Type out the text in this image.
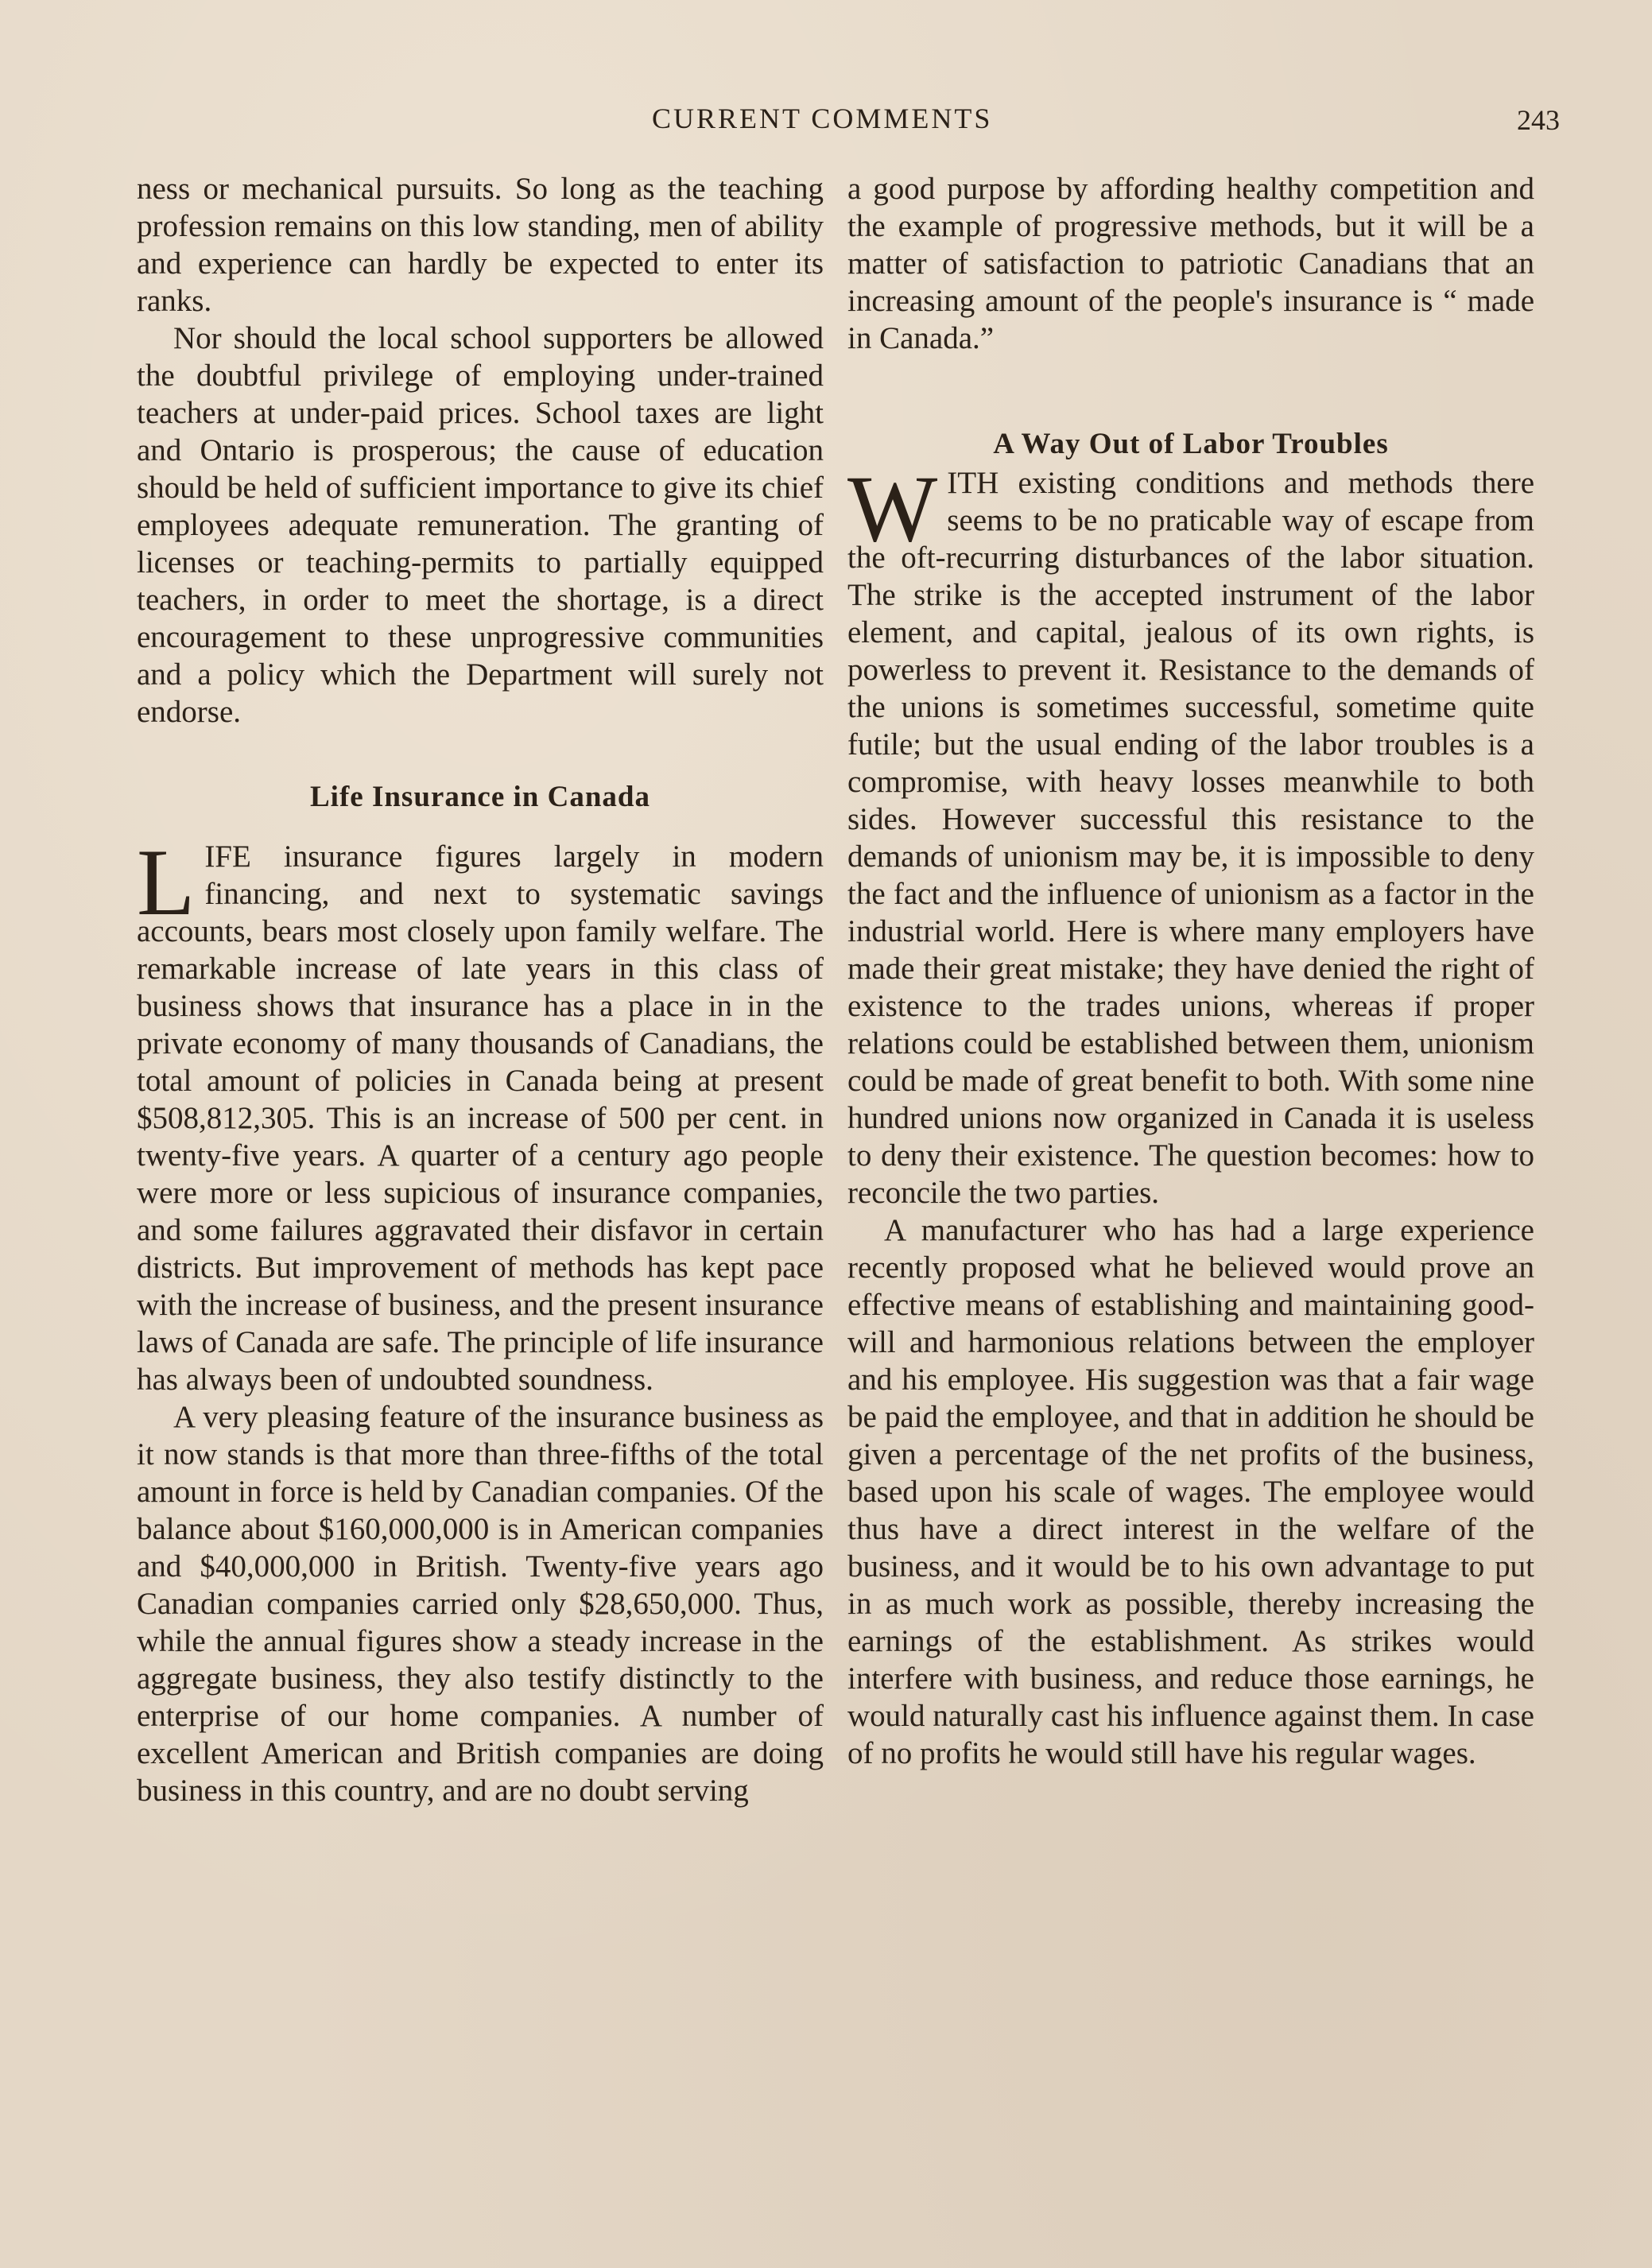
CURRENT COMMENTS	243

ness or mechanical pursuits. So long as the teaching profession remains on this low standing, men of ability and experience can hardly be expected to enter its ranks.

Nor should the local school supporters be allowed the doubtful privilege of employing under-trained teachers at under-paid prices. School taxes are light and Ontario is prosperous; the cause of education should be held of sufficient importance to give its chief employees adequate remuneration. The granting of licenses or teaching-permits to partially equipped teachers, in order to meet the shortage, is a direct encouragement to these unprogressive communities and a policy which the Department will surely not endorse.

Life Insurance in Canada

LIFE insurance figures largely in modern financing, and next to systematic savings accounts, bears most closely upon family welfare. The remarkable increase of late years in this class of business shows that insurance has a place in in the private economy of many thousands of Canadians, the total amount of policies in Canada being at present $508,812,305. This is an increase of 500 per cent. in twenty-five years. A quarter of a century ago people were more or less supicious of insurance companies, and some failures aggravated their disfavor in certain districts. But improvement of methods has kept pace with the increase of business, and the present insurance laws of Canada are safe. The principle of life insurance has always been of undoubted soundness.

A very pleasing feature of the insurance business as it now stands is that more than three-fifths of the total amount in force is held by Canadian companies. Of the balance about $160,000,000 is in American companies and $40,000,000 in British. Twenty-five years ago Canadian companies carried only $28,650,000. Thus, while the annual figures show a steady increase in the aggregate business, they also testify distinctly to the enterprise of our home companies. A number of excellent American and British companies are doing business in this country, and are no doubt serving

a good purpose by affording healthy competition and the example of progressive methods, but it will be a matter of satisfaction to patriotic Canadians that an increasing amount of the people's insurance is “ made in Canada.”

A Way Out of Labor Troubles

WITH existing conditions and methods there seems to be no praticable way of escape from the oft-recurring disturbances of the labor situation. The strike is the accepted instrument of the labor element, and capital, jealous of its own rights, is powerless to prevent it. Resistance to the demands of the unions is sometimes successful, sometime quite futile; but the usual ending of the labor troubles is a compromise, with heavy losses meanwhile to both sides. However successful this resistance to the demands of unionism may be, it is impossible to deny the fact and the influence of unionism as a factor in the industrial world. Here is where many employers have made their great mistake; they have denied the right of existence to the trades unions, whereas if proper relations could be established between them, unionism could be made of great benefit to both. With some nine hundred unions now organized in Canada it is useless to deny their existence. The question becomes: how to reconcile the two parties.

A manufacturer who has had a large experience recently proposed what he believed would prove an effective means of establishing and maintaining good-will and harmonious relations between the employer and his employee. His suggestion was that a fair wage be paid the employee, and that in addition he should be given a percentage of the net profits of the business, based upon his scale of wages. The employee would thus have a direct interest in the welfare of the business, and it would be to his own advantage to put in as much work as possible, thereby increasing the earnings of the establishment. As strikes would interfere with business, and reduce those earnings, he would naturally cast his influence against them. In case of no profits he would still have his regular wages.
